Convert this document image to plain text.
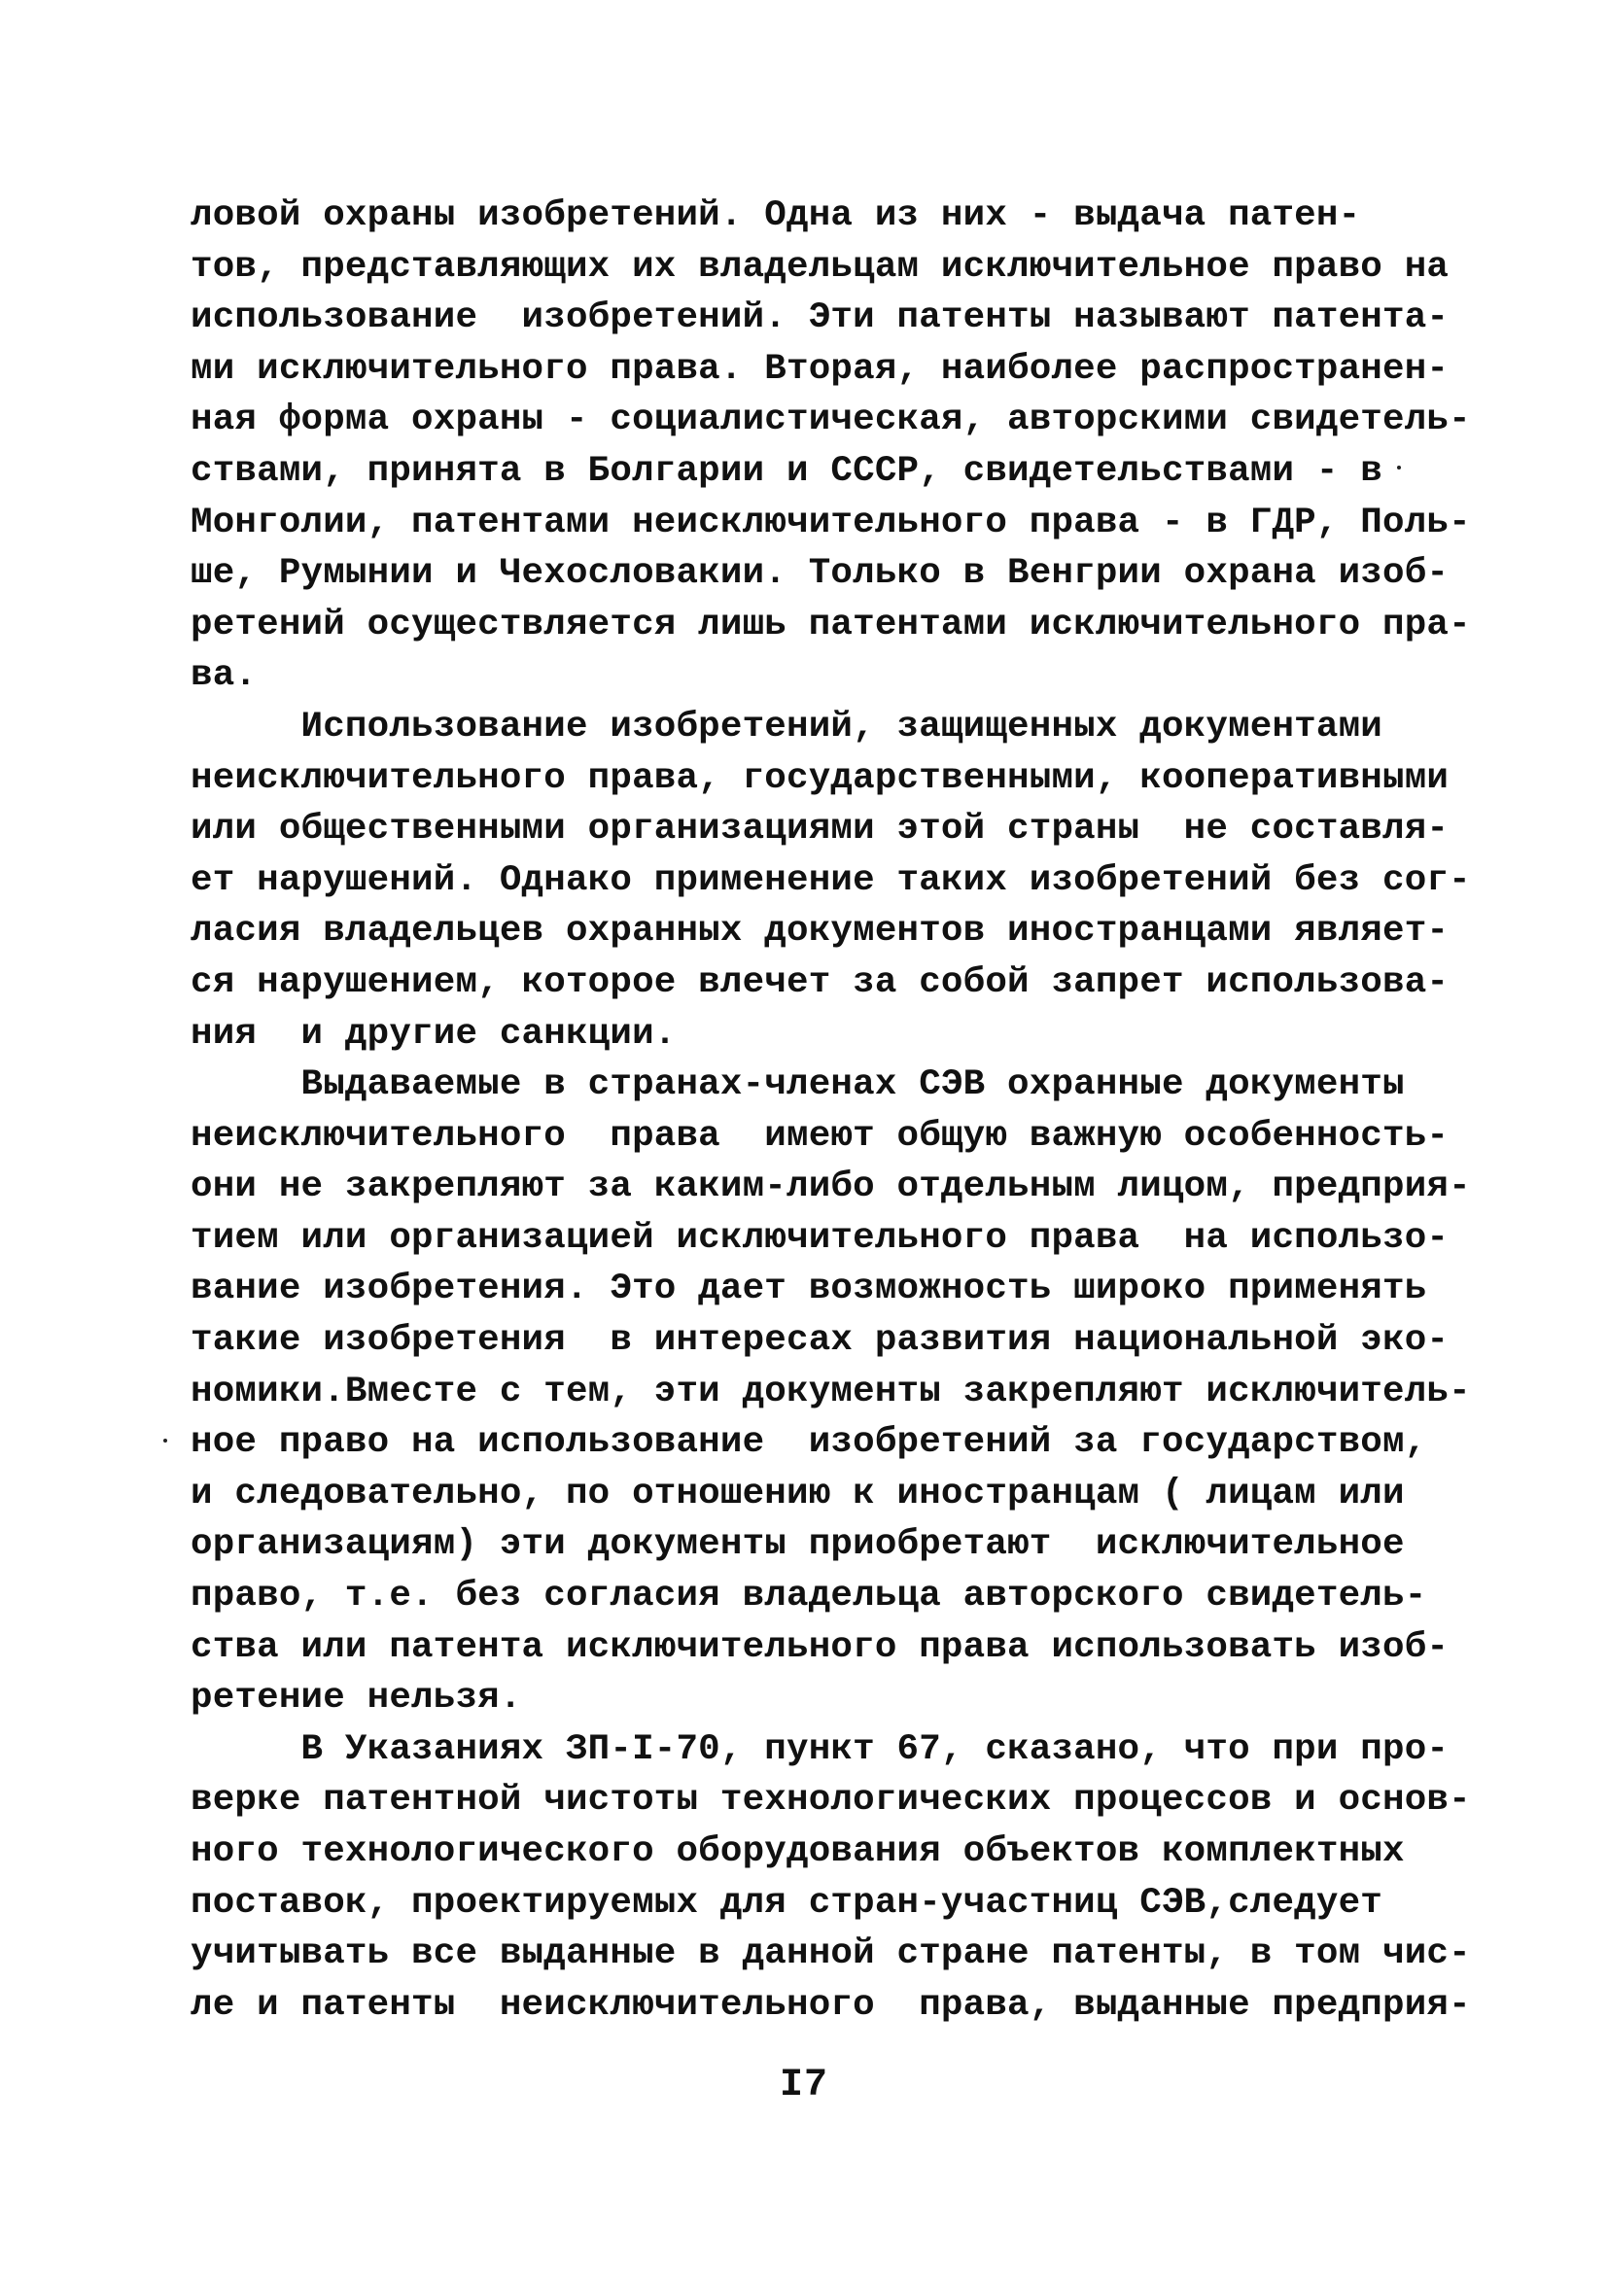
ловой охраны изобретений. Одна из них - выдача патен-
тов, представляющих их владельцам исключительное право на
использование  изобретений. Эти патенты называют патента-
ми исключительного права. Вторая, наиболее распространен-
ная форма охраны - социалистическая, авторскими свидетель-
ствами, принята в Болгарии и СССР, свидетельствами - в
Монголии, патентами неисключительного права - в ГДР, Поль-
ше, Румынии и Чехословакии. Только в Венгрии охрана изоб-
ретений осуществляется лишь патентами исключительного пра-
ва.
Использование изобретений, защищенных документами
неисключительного права, государственными, кооперативными
или общественными организациями этой страны  не составля-
ет нарушений. Однако применение таких изобретений без сог-
ласия владельцев охранных документов иностранцами являет-
ся нарушением, которое влечет за собой запрет использова-
ния  и другие санкции.
Выдаваемые в странах-членах СЭВ охранные документы
неисключительного  права  имеют общую важную особенность-
они не закрепляют за каким-либо отдельным лицом, предприя-
тием или организацией исключительного права  на использо-
вание изобретения. Это дает возможность широко применять
такие изобретения  в интересах развития национальной эко-
номики.Вместе с тем, эти документы закрепляют исключитель-
ное право на использование  изобретений за государством,
и следовательно, по отношению к иностранцам ( лицам или
организациям) эти документы приобретают  исключительное
право, т.е. без согласия владельца авторского свидетель-
ства или патента исключительного права использовать изоб-
ретение нельзя.
В Указаниях ЗП-I-70, пункт 67, сказано, что при про-
верке патентной чистоты технологических процессов и основ-
ного технологического оборудования объектов комплектных
поставок, проектируемых для стран-участниц СЭВ,следует
учитывать все выданные в данной стране патенты, в том чис-
ле и патенты  неисключительного  права, выданные предприя-
I7
